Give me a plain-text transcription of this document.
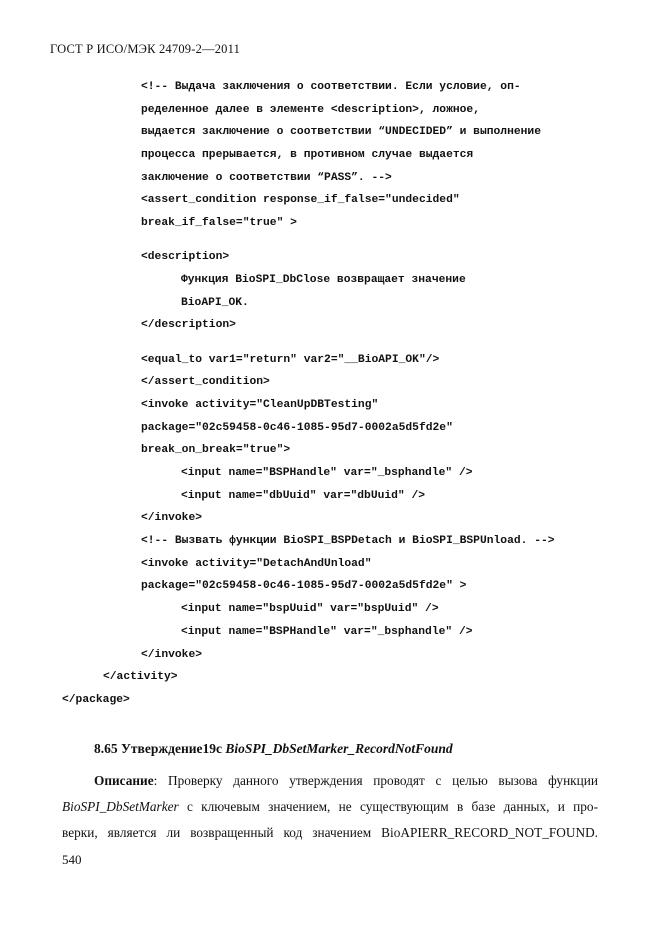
ГОСТ Р ИСО/МЭК 24709-2—2011
<!-- Выдача заключения о соответствии. Если условие, оп-
ределенное далее в элементе <description>, ложное,
выдается заключение о соответствии “UNDECIDED” и выполнение
процесса прерывается, в противном случае выдается
заключение о соответствии “PASS”. -->
<assert_condition response_if_false="undecided"
break_if_false="true" >
<description>
Функция BioSPI_DbClose возвращает значение
BioAPI_OK.
</description>
<equal_to var1="return" var2="__BioAPI_OK"/>
</assert_condition>
<invoke activity="CleanUpDBTesting"
package="02c59458-0c46-1085-95d7-0002a5d5fd2e"
break_on_break="true">
<input name="BSPHandle" var="_bsphandle" />
<input name="dbUuid" var="dbUuid" />
</invoke>
<!-- Вызвать функции BioSPI_BSPDetach и BioSPI_BSPUnload. -->
<invoke activity="DetachAndUnload"
package="02c59458-0c46-1085-95d7-0002a5d5fd2e" >
<input name="bspUuid" var="bspUuid" />
<input name="BSPHandle" var="_bsphandle" />
</invoke>
</activity>
</package>
8.65 Утверждение19с BioSPI_DbSetMarker_RecordNotFound
Описание: Проверку данного утверждения проводят с целью вызова функции
BioSPI_DbSetMarker с ключевым значением, не существующим в базе данных, и про-
верки, является ли возвращенный код значением BioAPIERR_RECORD_NOT_FOUND.
540
